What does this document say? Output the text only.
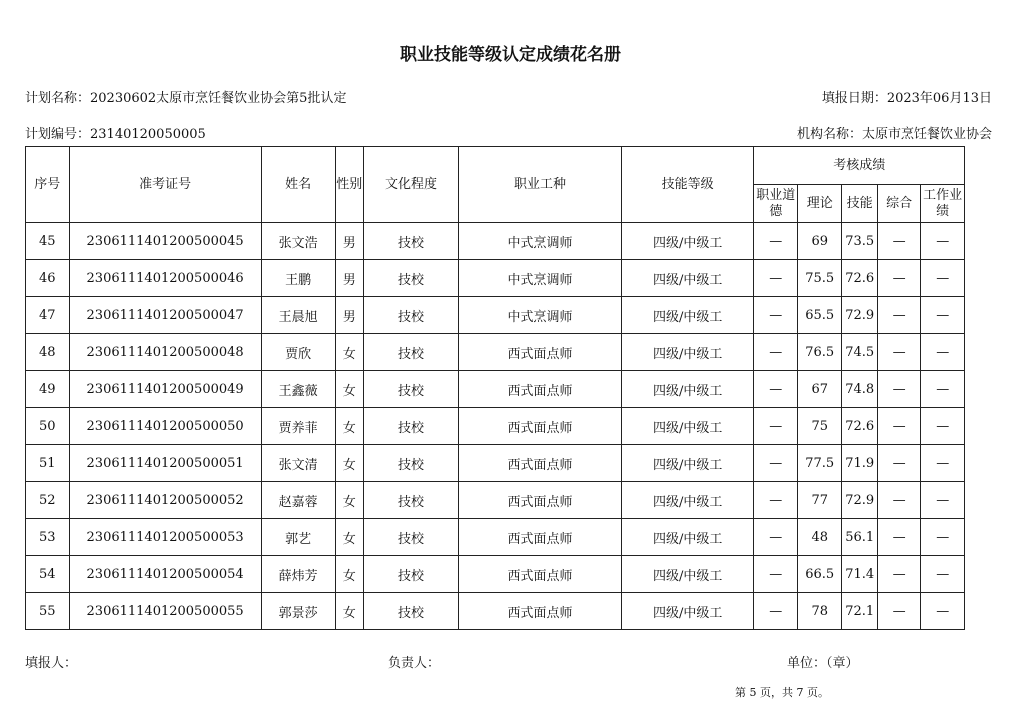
职业技能等级认定成绩花名册
计划名称：20230602太原市烹饪餐饮业协会第5批认定	填报日期：2023年06月13日
计划编号：23140120050005	机构名称：太原市烹饪餐饮业协会
序号	准考证号	姓名	性别	文化程度	职业工种	技能等级	考核成绩				
							职业道德	理论	技能	综合	工作业绩
45	2306111401200500045	张文浩	男	技校	中式烹调师	四级/中级工	—	69	73.5	—	—
46	2306111401200500046	王鹏	男	技校	中式烹调师	四级/中级工	—	75.5	72.6	—	—
47	2306111401200500047	王晨旭	男	技校	中式烹调师	四级/中级工	—	65.5	72.9	—	—
48	2306111401200500048	贾欣	女	技校	西式面点师	四级/中级工	—	76.5	74.5	—	—
49	2306111401200500049	王鑫薇	女	技校	西式面点师	四级/中级工	—	67	74.8	—	—
50	2306111401200500050	贾养菲	女	技校	西式面点师	四级/中级工	—	75	72.6	—	—
51	2306111401200500051	张文清	女	技校	西式面点师	四级/中级工	—	77.5	71.9	—	—
52	2306111401200500052	赵嘉蓉	女	技校	西式面点师	四级/中级工	—	77	72.9	—	—
53	2306111401200500053	郭艺	女	技校	西式面点师	四级/中级工	—	48	56.1	—	—
54	2306111401200500054	薛炜芳	女	技校	西式面点师	四级/中级工	—	66.5	71.4	—	—
55	2306111401200500055	郭景莎	女	技校	西式面点师	四级/中级工	—	78	72.1	—	—
填报人：	负责人：	单位：（章）
第 5 页，共 7 页。
